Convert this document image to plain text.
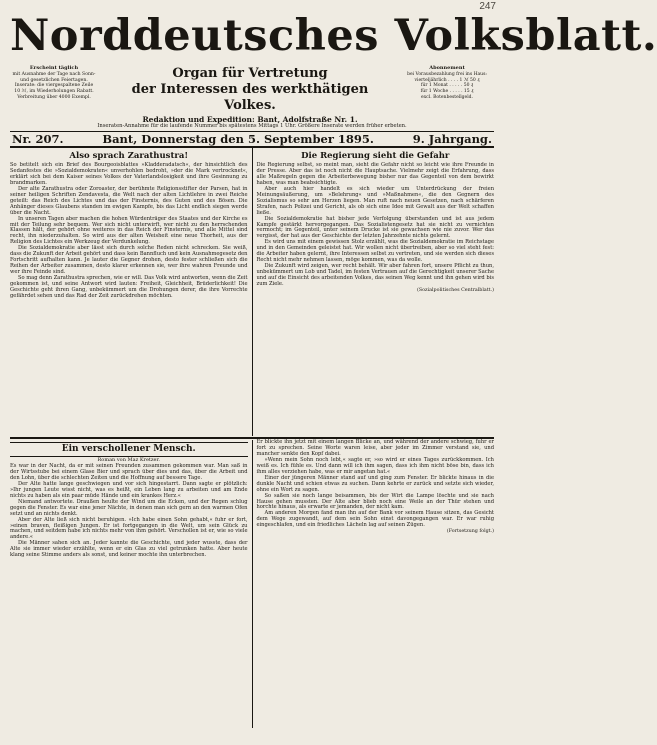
247
Norddeutsches Volksblatt.
Erscheint täglich
mit Ausnahme der Tage nach Sonn-
und gesetzlichen Feiertagen.
Inserate: die viergespaltene Zeile
10 ℳ, im Wiederholungen Rabatt.
Verbreitung über 4000 Exempl.
Organ für Vertretung
der Interessen des werkthätigen Volkes.
Redaktion und Expedition: Bant, Adolfstraße Nr. 1.
Abonnement
bei Vorausbezahlung frei ins Haus:
vierteljährlich . . . . 1 ℳ 50 ₰
für 1 Monat . . . . . 50 ₰
für 1 Woche . . . . . 15 ₰
excl. Botenbestellgeld.
Inseraten-Annahme für die laufende Nummer bis spätestens Mittags 1 Uhr. Größere Inserate werden früher erbeten.
Nr. 207.	Bant, Donnerstag den 5. September 1895.	9. Jahrgang.
Also sprach Zarathustra!

So betitelt sich ein Brief des Bourgeoisblattes »Kladderadatsch«, der hinsichtlich des Sedanfestes die »Sozialdemokraten« unverhohlen bedroht, »der die Mark vertrocknet«, erklärt sich bei dem Kaiser seines Volkes der Vaterlandslosigkeit und ihre Gesinnung zu brandmarken.

Der alte Zarathustra oder Zoroaster, der berühmte Religionsstifter der Parsen, hat in seiner heiligen Schriften Zendavesta, die Welt nach der alten Lichtlehre in zwei Reiche geteilt: das Reich des Lichtes und das der Finsternis, des Guten und des Bösen. Die Anhänger dieses Glaubens standen im ewigen Kampfe, bis das Licht endlich siegen werde über die Nacht.

In unseren Tagen aber machen die hohen Würdenträger des Staates und der Kirche es mit der Teilung sehr bequem. Wer sich nicht unterwirft, wer nicht zu den herrschenden Klassen hält, der gehört ohne weiteres in das Reich der Finsternis, und alle Mittel sind recht, ihn niederzuhalten. So wird aus der alten Weisheit eine neue Thorheit, aus der Religion des Lichtes ein Werkzeug der Verdunkelung.

Die Sozialdemokratie aber lässt sich durch solche Reden nicht schrecken. Sie weiß, dass die Zukunft der Arbeit gehört und dass kein Bannfluch und kein Ausnahmegesetz den Fortschritt aufhalten kann. Je lauter die Gegner drohen, desto fester schließen sich die Reihen der Arbeiter zusammen, desto klarer erkennen sie, wer ihre wahren Freunde und wer ihre Feinde sind.

So mag denn Zarathustra sprechen, wie er will. Das Volk wird antworten, wenn die Zeit gekommen ist, und seine Antwort wird lauten: Freiheit, Gleichheit, Brüderlichkeit! Die Geschichte geht ihren Gang, unbekümmert um die Drohungen derer, die ihre Vorrechte gefährdet sehen und das Rad der Zeit zurückdrehen möchten.

Die Regierung sieht die Gefahr

Die Regierung selbst, so meint man, sieht die Gefahr nicht so leicht wie ihre Freunde in der Presse. Aber das ist noch nicht die Hauptsache. Vielmehr zeigt die Erfahrung, dass alle Maßregeln gegen die Arbeiterbewegung bisher nur das Gegenteil von dem bewirkt haben, was man beabsichtigte.

Aber auch hier handelt es sich wieder um Unterdrückung der freien Meinungsäußerung, um »Belehrung« und »Maßnahmen«, die den Gegnern des Sozialismus so sehr am Herzen liegen. Man ruft nach neuen Gesetzen, nach schärferen Strafen, nach Polizei und Gericht, als ob sich eine Idee mit Gewalt aus der Welt schaffen ließe.

Die Sozialdemokratie hat bisher jede Verfolgung überstanden und ist aus jedem Kampfe gestärkt hervorgegangen. Das Sozialistengesetz hat sie nicht zu vernichten vermocht; im Gegenteil, unter seinem Drucke ist sie gewachsen wie nie zuvor. Wer das vergisst, der hat aus der Geschichte der letzten Jahrzehnte nichts gelernt.

Es wird uns mit einem gewissen Stolz erzählt, was die Sozialdemokratie im Reichstage und in den Gemeinden geleistet hat. Wir wollen nicht übertreiben, aber so viel steht fest: die Arbeiter haben gelernt, ihre Interessen selbst zu vertreten, und sie werden sich dieses Recht nicht mehr nehmen lassen, möge kommen, was da wolle.

Die Zukunft wird zeigen, wer recht behält. Wir aber fahren fort, unsere Pflicht zu thun, unbekümmert um Lob und Tadel, im festen Vertrauen auf die Gerechtigkeit unserer Sache und auf die Einsicht des arbeitenden Volkes, das seinen Weg kennt und ihn gehen wird bis zum Ziele.

(Sozialpolitisches Centralblatt.)
Ein verschollener Mensch.
Roman von Maz Kretzer.

Es war in der Nacht, da er mit seinen Freunden zusammen gekommen war. Man saß in der Wirtsstube bei einem Glase Bier und sprach über dies und das, über die Arbeit und den Lohn, über die schlechten Zeiten und die Hoffnung auf bessere Tage.

Der Alte hatte lange geschwiegen und vor sich hingestarrt. Dann sagte er plötzlich: »Ihr jungen Leute wisst nicht, was es heißt, ein Leben lang zu arbeiten und am Ende nichts zu haben als ein paar müde Hände und ein krankes Herz.«

Niemand antwortete. Draußen heulte der Wind um die Ecken, und der Regen schlug gegen die Fenster. Es war eine jener Nächte, in denen man sich gern an den warmen Ofen setzt und an nichts denkt.

Aber der Alte ließ sich nicht beruhigen. »Ich habe einen Sohn gehabt,« fuhr er fort, »einen braven, fleißigen Jungen. Er ist fortgegangen in die Welt, um sein Glück zu machen, und seitdem habe ich nichts mehr von ihm gehört. Verschollen ist er, wie so viele andere.«

Die Männer sahen sich an. Jeder kannte die Geschichte, und jeder wusste, dass der Alte sie immer wieder erzählte, wenn er ein Glas zu viel getrunken hatte. Aber heute klang seine Stimme anders als sonst, und keiner mochte ihn unterbrechen.

Er blickte ihn jetzt mit einem langen Blicke an, und während der andere schwieg, fuhr er fort zu sprechen. Seine Worte waren leise, aber jeder im Zimmer verstand sie, und mancher senkte den Kopf dabei.

»Wenn mein Sohn noch lebt,« sagte er, »so wird er eines Tages zurückkommen. Ich weiß es. Ich fühle es. Und dann will ich ihm sagen, dass ich ihm nicht böse bin, dass ich ihm alles verziehen habe, was er mir angetan hat.«

Einer der jüngeren Männer stand auf und ging zum Fenster. Er blickte hinaus in die dunkle Nacht und schien etwas zu suchen. Dann kehrte er zurück und setzte sich wieder, ohne ein Wort zu sagen.

So saßen sie noch lange beisammen, bis der Wirt die Lampe löschte und sie nach Hause gehen mussten. Der Alte aber blieb noch eine Weile an der Thür stehen und horchte hinaus, als erwarte er jemanden, der nicht kam.

Am anderen Morgen fand man ihn auf der Bank vor seinem Hause sitzen, das Gesicht dem Wege zugewandt, auf dem sein Sohn einst davongegangen war. Er war ruhig eingeschlafen, und ein friedliches Lächeln lag auf seinen Zügen.

(Fortsetzung folgt.)
